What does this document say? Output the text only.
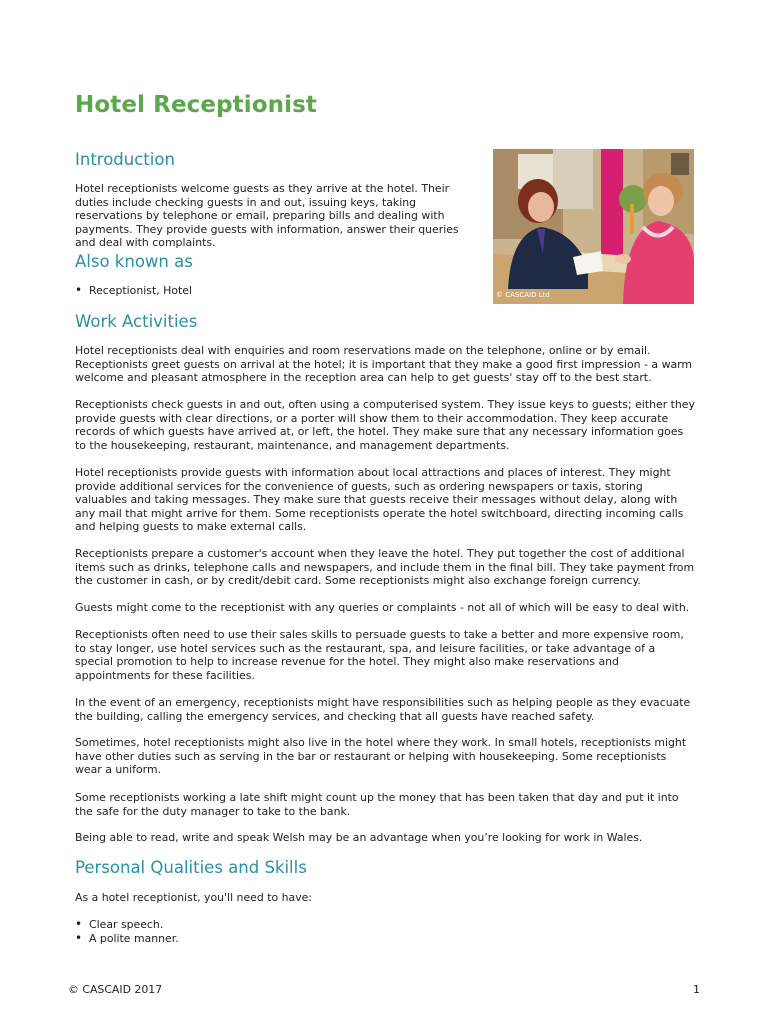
Hotel Receptionist
Introduction

Hotel receptionists welcome guests as they arrive at the hotel. Their duties include checking guests in and out, issuing keys, taking reservations by telephone or email, preparing bills and dealing with payments. They provide guests with information, answer their queries and deal with complaints.

© CASCAID Ltd
Also known as
• Receptionist, Hotel
Work Activities

Hotel receptionists deal with enquiries and room reservations made on the telephone, online or by email. Receptionists greet guests on arrival at the hotel; it is important that they make a good first impression - a warm welcome and pleasant atmosphere in the reception area can help to get guests' stay off to the best start.

Receptionists check guests in and out, often using a computerised system. They issue keys to guests; either they provide guests with clear directions, or a porter will show them to their accommodation. They keep accurate records of which guests have arrived at, or left, the hotel. They make sure that any necessary information goes to the housekeeping, restaurant, maintenance, and management departments.

Hotel receptionists provide guests with information about local attractions and places of interest. They might provide additional services for the convenience of guests, such as ordering newspapers or taxis, storing valuables and taking messages. They make sure that guests receive their messages without delay, along with any mail that might arrive for them. Some receptionists operate the hotel switchboard, directing incoming calls and helping guests to make external calls.

Receptionists prepare a customer's account when they leave the hotel. They put together the cost of additional items such as drinks, telephone calls and newspapers, and include them in the final bill. They take payment from the customer in cash, or by credit/debit card. Some receptionists might also exchange foreign currency.

Guests might come to the receptionist with any queries or complaints - not all of which will be easy to deal with.

Receptionists often need to use their sales skills to persuade guests to take a better and more expensive room, to stay longer, use hotel services such as the restaurant, spa, and leisure facilities, or take advantage of a special promotion to help to increase revenue for the hotel. They might also make reservations and appointments for these facilities.

In the event of an emergency, receptionists might have responsibilities such as helping people as they evacuate the building, calling the emergency services, and checking that all guests have reached safety.

Sometimes, hotel receptionists might also live in the hotel where they work. In small hotels, receptionists might have other duties such as serving in the bar or restaurant or helping with housekeeping. Some receptionists wear a uniform.

Some receptionists working a late shift might count up the money that has been taken that day and put it into the safe for the duty manager to take to the bank.

Being able to read, write and speak Welsh may be an advantage when you’re looking for work in Wales.

Personal Qualities and Skills

As a hotel receptionist, you'll need to have:

• Clear speech.
• A polite manner.
© CASCAID 2017	1
